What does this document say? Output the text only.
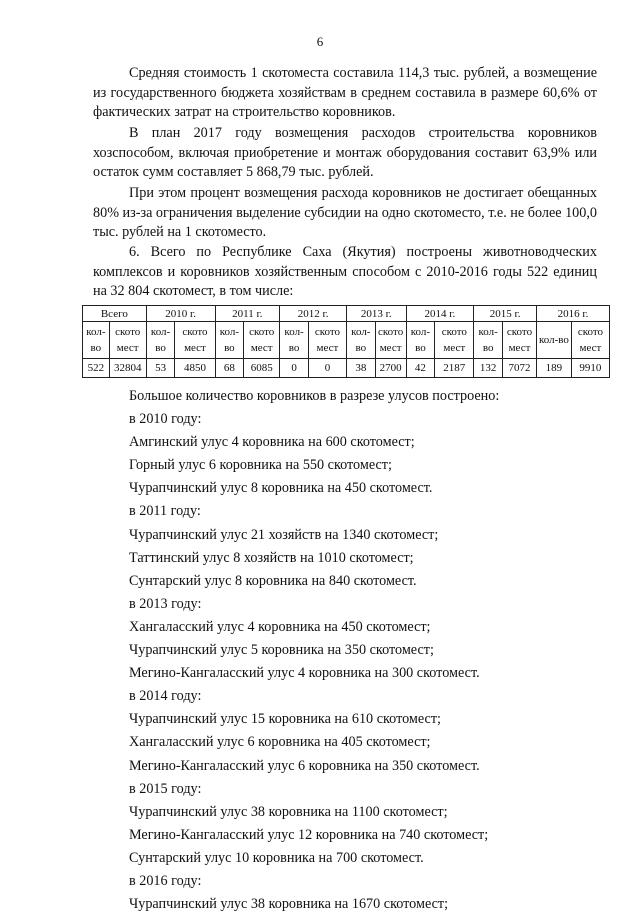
6

Средняя стоимость 1 скотоместа составила 114,3 тыс. рублей, а возмещение из государственного бюджета хозяйствам в среднем составила в размере 60,6% от фактических затрат на строительство коровников.

В план 2017 году возмещения расходов строительства коровников хозспособом, включая приобретение и монтаж оборудования составит 63,9% или остаток сумм составляет 5 868,79 тыс. рублей.

При этом процент возмещения расхода коровников не достигает обещанных 80% из-за ограничения выделение субсидии на одно скотоместо, т.е. не более 100,0 тыс. рублей на 1 скотоместо.

6. Всего по Республике Саха (Якутия) построены животноводческих комплексов и коровников хозяйственным способом с 2010-2016 годы 522 единиц на 32 804 скотомест, в том числе:

Всего		2010 г.		2011 г.		2012 г.		2013 г.		2014 г.		2015 г.		2016 г.	
кол-во	ското мест	кол-во	ското мест	кол-во	ското мест	кол-во	ското мест	кол-во	ското мест	кол-во	ското мест	кол-во	ското мест	кол-во	ското мест
522	32804	53	4850	68	6085	0	0	38	2700	42	2187	132	7072	189	9910
Большое количество коровников в разрезе улусов построено:
в 2010 году:
Амгинский улус 4 коровника на 600 скотомест;
Горный улус 6 коровника на 550 скотомест;
Чурапчинский улус 8 коровника на 450 скотомест.
в 2011 году:
Чурапчинский улус 21 хозяйств на 1340 скотомест;
Таттинский улус 8 хозяйств на 1010 скотомест;
Сунтарский улус 8 коровника на 840 скотомест.
в 2013 году:
Хангаласский улус 4 коровника на 450 скотомест;
Чурапчинский улус 5 коровника на 350 скотомест;
Мегино-Кангаласский улус 4 коровника на 300 скотомест.
в 2014 году:
Чурапчинский улус 15 коровника на 610 скотомест;
Хангаласский улус 6 коровника на 405 скотомест;
Мегино-Кангаласский улус 6 коровника на 350 скотомест.
в 2015 году:
Чурапчинский улус 38 коровника на 1100 скотомест;
Мегино-Кангаласский улус 12 коровника на 740 скотомест;
Сунтарский улус 10 коровника на 700 скотомест.
в 2016 году:
Чурапчинский улус 38 коровника на 1670 скотомест;
